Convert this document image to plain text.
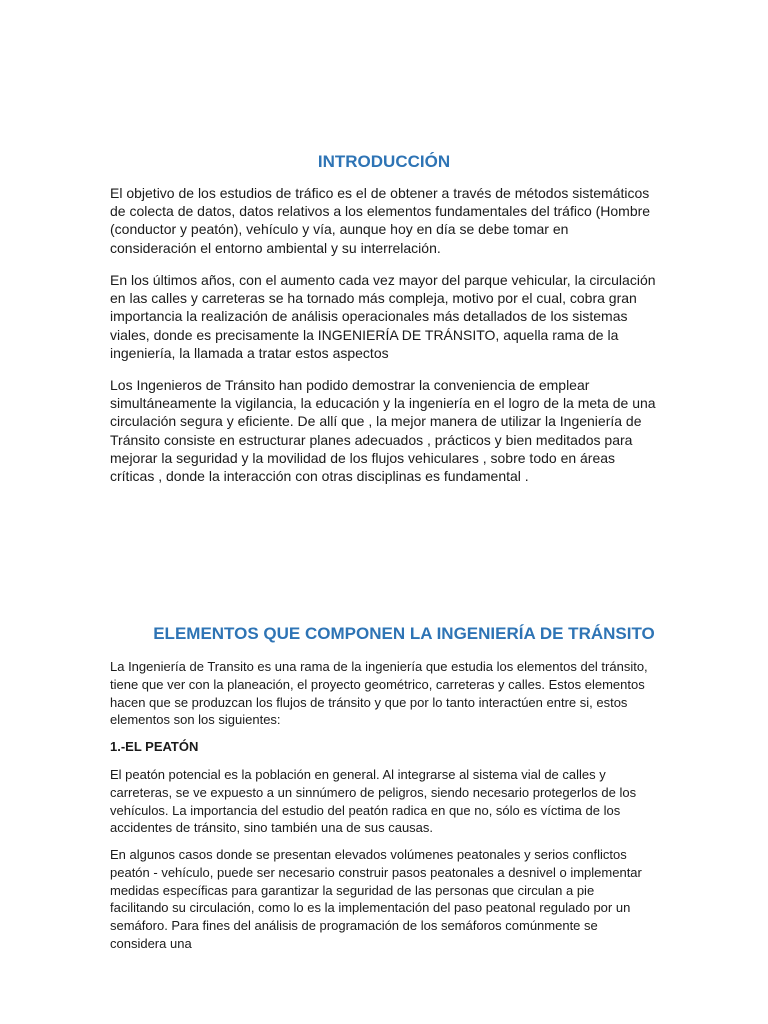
INTRODUCCIÓN

El objetivo de los estudios de tráfico es el de obtener a través de métodos sistemáticos de colecta de datos, datos relativos a los elementos fundamentales del tráfico (Hombre (conductor y peatón), vehículo y vía, aunque hoy en día se debe tomar en consideración el entorno ambiental y su interrelación.

En los últimos años, con el aumento cada vez mayor del parque vehicular, la circulación en las calles y carreteras se ha tornado más compleja, motivo por el cual, cobra gran importancia la realización de análisis operacionales más detallados de los sistemas viales, donde es precisamente la INGENIERÍA DE TRÁNSITO, aquella rama de la ingeniería, la llamada a tratar estos aspectos

Los Ingenieros de Tránsito han podido demostrar la conveniencia de emplear simultáneamente la vigilancia, la educación y la ingeniería en el logro de la meta de una circulación segura y eficiente. De allí que , la mejor manera de utilizar la Ingeniería de Tránsito consiste en estructurar planes adecuados , prácticos y bien meditados para mejorar la seguridad y la movilidad de los flujos vehiculares , sobre todo en áreas críticas , donde la interacción con otras disciplinas es fundamental .

ELEMENTOS QUE COMPONEN LA INGENIERÍA DE TRÁNSITO

La Ingeniería de Transito es una rama de la ingeniería que estudia los elementos del tránsito, tiene que ver con la planeación, el proyecto geométrico, carreteras y calles. Estos elementos hacen que se produzcan los flujos de tránsito y que por lo tanto interactúen entre si, estos elementos son los siguientes:

1.-EL PEATÓN

El peatón potencial es la población en general. Al integrarse al sistema vial de calles y carreteras, se ve expuesto a un sinnúmero de peligros, siendo necesario protegerlos de los vehículos. La importancia del estudio del peatón radica en que no, sólo es víctima de los accidentes de tránsito, sino también una de sus causas.

En algunos casos donde se presentan elevados volúmenes peatonales y serios conflictos peatón - vehículo, puede ser necesario construir pasos peatonales a desnivel o implementar medidas específicas para garantizar la seguridad de las personas que circulan a pie facilitando su circulación, como lo es la implementación del paso peatonal regulado por un semáforo. Para fines del análisis de programación de los semáforos comúnmente se considera una
